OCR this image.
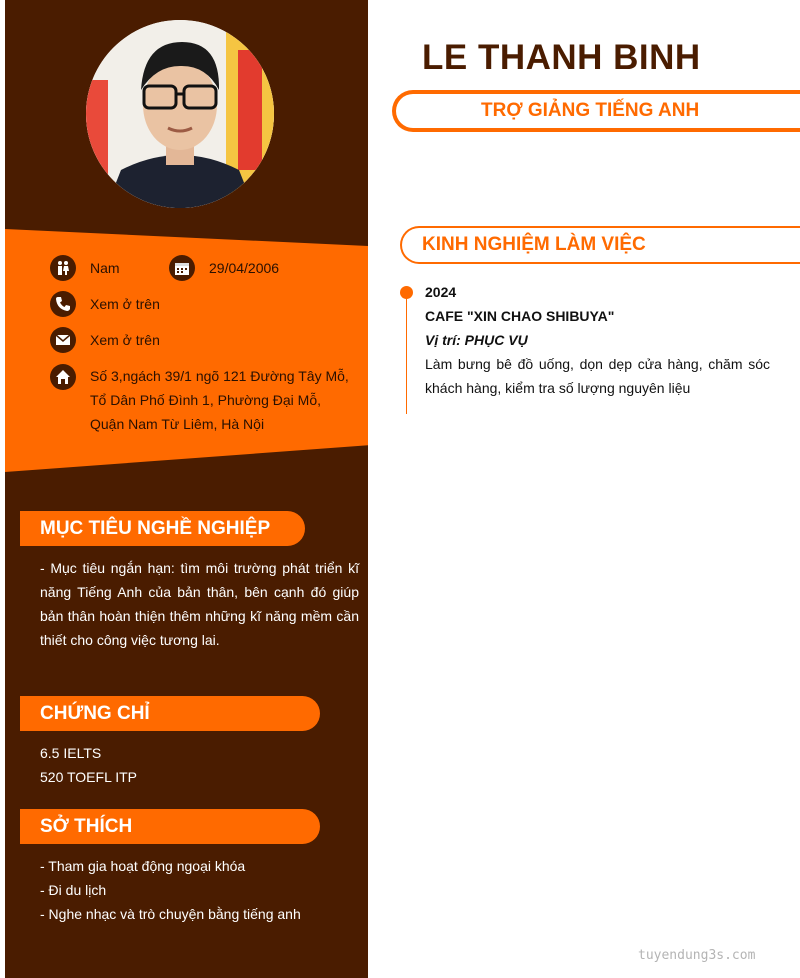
Nam	29/04/2006
Xem ở trên
Xem ở trên
Số 3,ngách 39/1 ngõ 121 Đường Tây Mỗ, Tổ Dân Phố Đình 1, Phường Đại Mỗ, Quận Nam Từ Liêm, Hà Nội
MỤC TIÊU NGHỀ NGHIỆP
- Mục tiêu ngắn hạn: tìm môi trường phát triển kĩ năng Tiếng Anh của bản thân, bên cạnh đó giúp bản thân hoàn thiện thêm những kĩ năng mềm cần thiết cho công việc tương lai.
CHỨNG CHỈ
6.5 IELTS
520 TOEFL ITP
SỞ THÍCH
- Tham gia hoạt động ngoại khóa
- Đi du lịch
- Nghe nhạc và trò chuyện bằng tiếng anh
LE THANH BINH
TRỢ GIẢNG TIẾNG ANH
KINH NGHIỆM LÀM VIỆC
2024
CAFE "XIN CHAO SHIBUYA"
Vị trí: PHỤC VỤ
Làm bưng bê đồ uống, dọn dẹp cửa hàng, chăm sóc khách hàng, kiểm tra số lượng nguyên liệu
tuyendung3s.com
